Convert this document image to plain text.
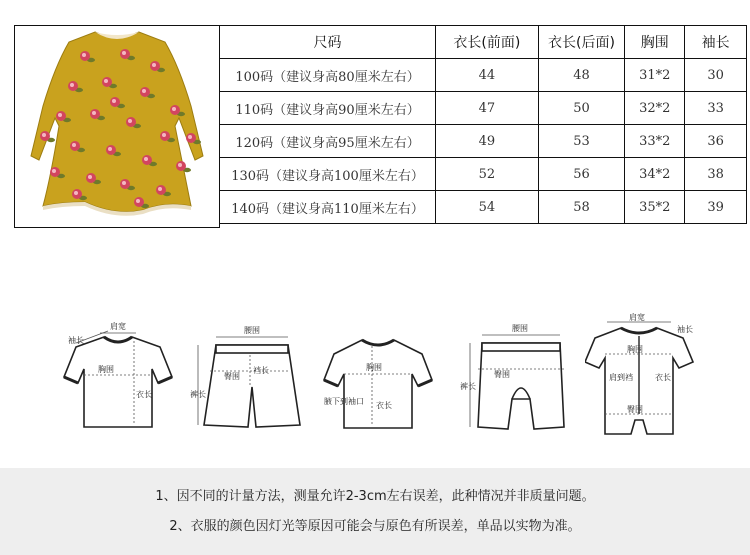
尺码	衣长(前面)	衣长(后面)	胸围	袖长
100码（建议身高80厘米左右）	44	48	31*2	30
110码（建议身高90厘米左右）	47	50	32*2	33
120码（建议身高95厘米左右）	49	53	33*2	36
130码（建议身高100厘米左右）	52	56	34*2	38
140码（建议身高110厘米左右）	54	58	35*2	39
袖长
肩宽
胸围
衣长
腰围
臀围
裆长
裤长
胸围
腋下到袖口 衣长
腰围
臀围
裤长
肩宽
袖长
胸围
肩到裆	衣长
臀围
1、因不同的计量方法，测量允许2-3cm左右误差，此种情况并非质量问题。
2、衣服的颜色因灯光等原因可能会与原色有所误差，单品以实物为准。
